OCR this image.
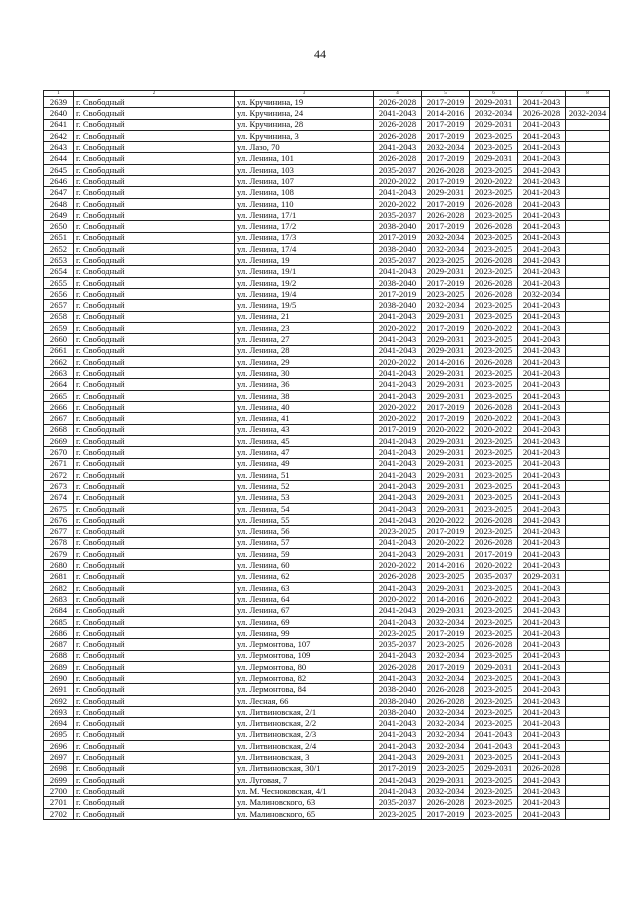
44
1	2	3	4	5	6	7	8
2639	г. Свободный	ул. Кручинина, 19	2026-2028	2017-2019	2029-2031	2041-2043	
2640	г. Свободный	ул. Кручинина, 24	2041-2043	2014-2016	2032-2034	2026-2028	2032-2034
2641	г. Свободный	ул. Кручинина, 28	2026-2028	2017-2019	2029-2031	2041-2043	
2642	г. Свободный	ул. Кручинина, 3	2026-2028	2017-2019	2023-2025	2041-2043	
2643	г. Свободный	ул. Лазо, 70	2041-2043	2032-2034	2023-2025	2041-2043	
2644	г. Свободный	ул. Ленина, 101	2026-2028	2017-2019	2029-2031	2041-2043	
2645	г. Свободный	ул. Ленина, 103	2035-2037	2026-2028	2023-2025	2041-2043	
2646	г. Свободный	ул. Ленина, 107	2020-2022	2017-2019	2020-2022	2041-2043	
2647	г. Свободный	ул. Ленина, 108	2041-2043	2029-2031	2023-2025	2041-2043	
2648	г. Свободный	ул. Ленина, 110	2020-2022	2017-2019	2026-2028	2041-2043	
2649	г. Свободный	ул. Ленина, 17/1	2035-2037	2026-2028	2023-2025	2041-2043	
2650	г. Свободный	ул. Ленина, 17/2	2038-2040	2017-2019	2026-2028	2041-2043	
2651	г. Свободный	ул. Ленина, 17/3	2017-2019	2032-2034	2023-2025	2041-2043	
2652	г. Свободный	ул. Ленина, 17/4	2038-2040	2032-2034	2023-2025	2041-2043	
2653	г. Свободный	ул. Ленина, 19	2035-2037	2023-2025	2026-2028	2041-2043	
2654	г. Свободный	ул. Ленина, 19/1	2041-2043	2029-2031	2023-2025	2041-2043	
2655	г. Свободный	ул. Ленина, 19/2	2038-2040	2017-2019	2026-2028	2041-2043	
2656	г. Свободный	ул. Ленина, 19/4	2017-2019	2023-2025	2026-2028	2032-2034	
2657	г. Свободный	ул. Ленина, 19/5	2038-2040	2032-2034	2023-2025	2041-2043	
2658	г. Свободный	ул. Ленина, 21	2041-2043	2029-2031	2023-2025	2041-2043	
2659	г. Свободный	ул. Ленина, 23	2020-2022	2017-2019	2020-2022	2041-2043	
2660	г. Свободный	ул. Ленина, 27	2041-2043	2029-2031	2023-2025	2041-2043	
2661	г. Свободный	ул. Ленина, 28	2041-2043	2029-2031	2023-2025	2041-2043	
2662	г. Свободный	ул. Ленина, 29	2020-2022	2014-2016	2026-2028	2041-2043	
2663	г. Свободный	ул. Ленина, 30	2041-2043	2029-2031	2023-2025	2041-2043	
2664	г. Свободный	ул. Ленина, 36	2041-2043	2029-2031	2023-2025	2041-2043	
2665	г. Свободный	ул. Ленина, 38	2041-2043	2029-2031	2023-2025	2041-2043	
2666	г. Свободный	ул. Ленина, 40	2020-2022	2017-2019	2026-2028	2041-2043	
2667	г. Свободный	ул. Ленина, 41	2020-2022	2017-2019	2020-2022	2041-2043	
2668	г. Свободный	ул. Ленина, 43	2017-2019	2020-2022	2020-2022	2041-2043	
2669	г. Свободный	ул. Ленина, 45	2041-2043	2029-2031	2023-2025	2041-2043	
2670	г. Свободный	ул. Ленина, 47	2041-2043	2029-2031	2023-2025	2041-2043	
2671	г. Свободный	ул. Ленина, 49	2041-2043	2029-2031	2023-2025	2041-2043	
2672	г. Свободный	ул. Ленина, 51	2041-2043	2029-2031	2023-2025	2041-2043	
2673	г. Свободный	ул. Ленина, 52	2041-2043	2029-2031	2023-2025	2041-2043	
2674	г. Свободный	ул. Ленина, 53	2041-2043	2029-2031	2023-2025	2041-2043	
2675	г. Свободный	ул. Ленина, 54	2041-2043	2029-2031	2023-2025	2041-2043	
2676	г. Свободный	ул. Ленина, 55	2041-2043	2020-2022	2026-2028	2041-2043	
2677	г. Свободный	ул. Ленина, 56	2023-2025	2017-2019	2023-2025	2041-2043	
2678	г. Свободный	ул. Ленина, 57	2041-2043	2020-2022	2026-2028	2041-2043	
2679	г. Свободный	ул. Ленина, 59	2041-2043	2029-2031	2017-2019	2041-2043	
2680	г. Свободный	ул. Ленина, 60	2020-2022	2014-2016	2020-2022	2041-2043	
2681	г. Свободный	ул. Ленина, 62	2026-2028	2023-2025	2035-2037	2029-2031	
2682	г. Свободный	ул. Ленина, 63	2041-2043	2029-2031	2023-2025	2041-2043	
2683	г. Свободный	ул. Ленина, 64	2020-2022	2014-2016	2020-2022	2041-2043	
2684	г. Свободный	ул. Ленина, 67	2041-2043	2029-2031	2023-2025	2041-2043	
2685	г. Свободный	ул. Ленина, 69	2041-2043	2032-2034	2023-2025	2041-2043	
2686	г. Свободный	ул. Ленина, 99	2023-2025	2017-2019	2023-2025	2041-2043	
2687	г. Свободный	ул. Лермонтова, 107	2035-2037	2023-2025	2026-2028	2041-2043	
2688	г. Свободный	ул. Лермонтова, 109	2041-2043	2032-2034	2023-2025	2041-2043	
2689	г. Свободный	ул. Лермонтова, 80	2026-2028	2017-2019	2029-2031	2041-2043	
2690	г. Свободный	ул. Лермонтова, 82	2041-2043	2032-2034	2023-2025	2041-2043	
2691	г. Свободный	ул. Лермонтова, 84	2038-2040	2026-2028	2023-2025	2041-2043	
2692	г. Свободный	ул. Лесная, 66	2038-2040	2026-2028	2023-2025	2041-2043	
2693	г. Свободный	ул. Литвиновская, 2/1	2038-2040	2032-2034	2023-2025	2041-2043	
2694	г. Свободный	ул. Литвиновская, 2/2	2041-2043	2032-2034	2023-2025	2041-2043	
2695	г. Свободный	ул. Литвиновская, 2/3	2041-2043	2032-2034	2041-2043	2041-2043	
2696	г. Свободный	ул. Литвиновская, 2/4	2041-2043	2032-2034	2041-2043	2041-2043	
2697	г. Свободный	ул. Литвиновская, 3	2041-2043	2029-2031	2023-2025	2041-2043	
2698	г. Свободный	ул. Литвиновская, 30/1	2017-2019	2023-2025	2029-2031	2026-2028	
2699	г. Свободный	ул. Луговая, 7	2041-2043	2029-2031	2023-2025	2041-2043	
2700	г. Свободный	ул. М. Чесноковская, 4/1	2041-2043	2032-2034	2023-2025	2041-2043	
2701	г. Свободный	ул. Малиновского, 63	2035-2037	2026-2028	2023-2025	2041-2043	
2702	г. Свободный	ул. Малиновского, 65	2023-2025	2017-2019	2023-2025	2041-2043	
